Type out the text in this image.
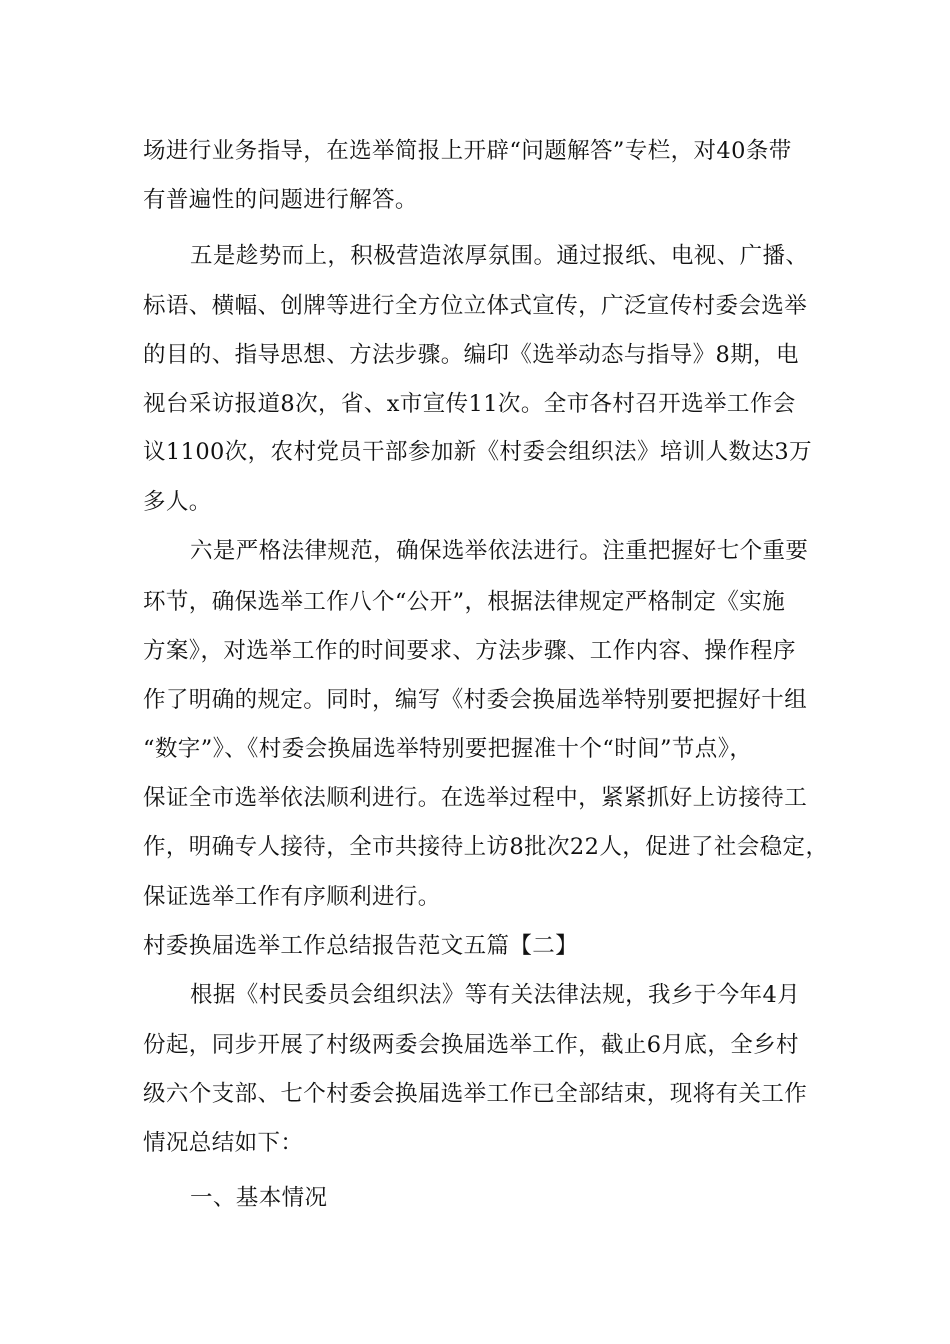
场进行业务指导，在选举简报上开辟“问题解答”专栏，对40条带
有普遍性的问题进行解答。
五是趁势而上，积极营造浓厚氛围。通过报纸、电视、广播、
标语、横幅、创牌等进行全方位立体式宣传，广泛宣传村委会选举
的目的、指导思想、方法步骤。编印《选举动态与指导》8期，电
视台采访报道8次，省、x市宣传11次。全市各村召开选举工作会
议1100次，农村党员干部参加新《村委会组织法》培训人数达3万
多人。
六是严格法律规范，确保选举依法进行。注重把握好七个重要
环节，确保选举工作八个“公开”，根据法律规定严格制定《实施
方案》，对选举工作的时间要求、方法步骤、工作内容、操作程序
作了明确的规定。同时，编写《村委会换届选举特别要把握好十组
“数字”》、《村委会换届选举特别要把握准十个“时间”节点》，
保证全市选举依法顺利进行。在选举过程中，紧紧抓好上访接待工
作，明确专人接待，全市共接待上访8批次22人，促进了社会稳定，
保证选举工作有序顺利进行。
村委换届选举工作总结报告范文五篇【二】
根据《村民委员会组织法》等有关法律法规，我乡于今年4月
份起，同步开展了村级两委会换届选举工作，截止6月底，全乡村
级六个支部、七个村委会换届选举工作已全部结束，现将有关工作
情况总结如下：
一、基本情况
